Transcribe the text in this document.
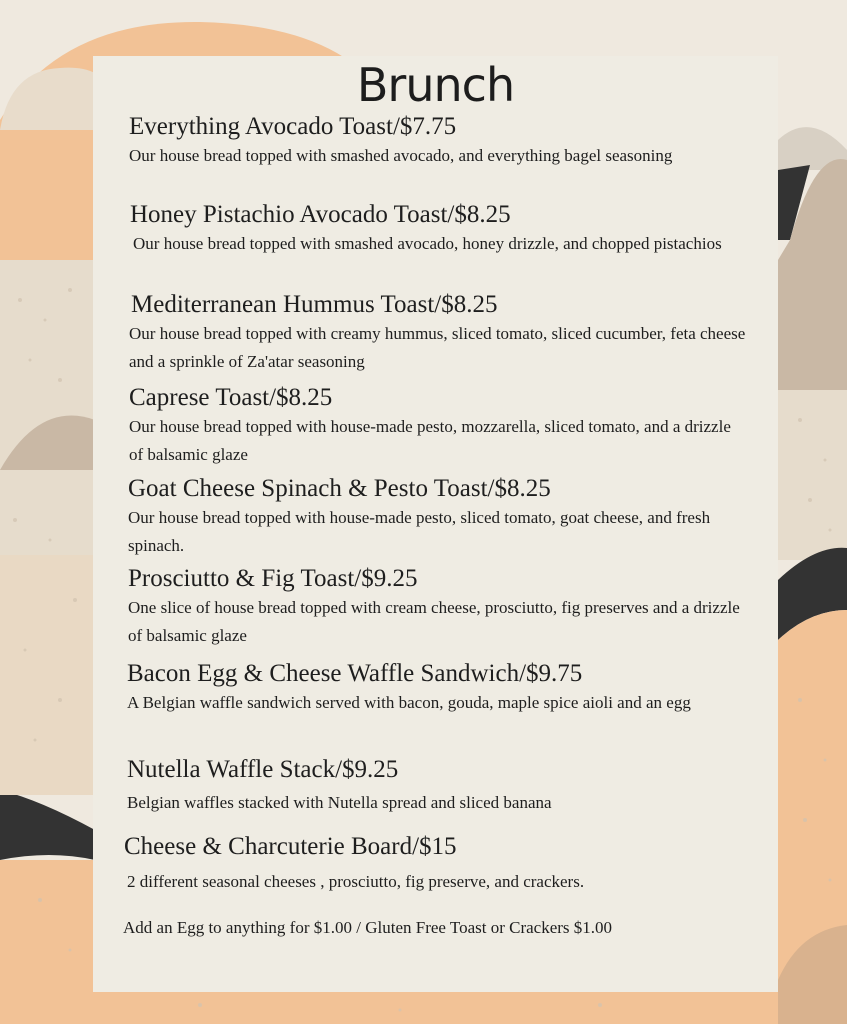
Brunch
Everything Avocado Toast/$7.75
Our house bread topped with smashed avocado, and everything bagel seasoning
Honey Pistachio Avocado Toast/$8.25
Our house bread topped with smashed avocado, honey drizzle, and chopped pistachios
Mediterranean Hummus Toast/$8.25
Our house bread topped with creamy hummus, sliced tomato, sliced cucumber, feta cheese and a sprinkle of Za'atar seasoning
Caprese Toast/$8.25
Our house bread topped with house-made pesto, mozzarella, sliced tomato, and a drizzle of balsamic glaze
Goat Cheese Spinach & Pesto Toast/$8.25
Our house bread topped with house-made pesto, sliced tomato, goat cheese, and fresh spinach.
Prosciutto & Fig Toast/$9.25
One slice of house bread topped with cream cheese, prosciutto, fig preserves and a drizzle of balsamic glaze
Bacon Egg & Cheese Waffle Sandwich/$9.75
A Belgian waffle sandwich served with bacon, gouda, maple spice aioli and an egg
Nutella Waffle Stack/$9.25
Belgian waffles stacked with Nutella spread and sliced banana
Cheese & Charcuterie Board/$15
2 different seasonal cheeses , prosciutto, fig preserve, and crackers.
Add an Egg to anything for $1.00 / Gluten Free Toast or Crackers $1.00
